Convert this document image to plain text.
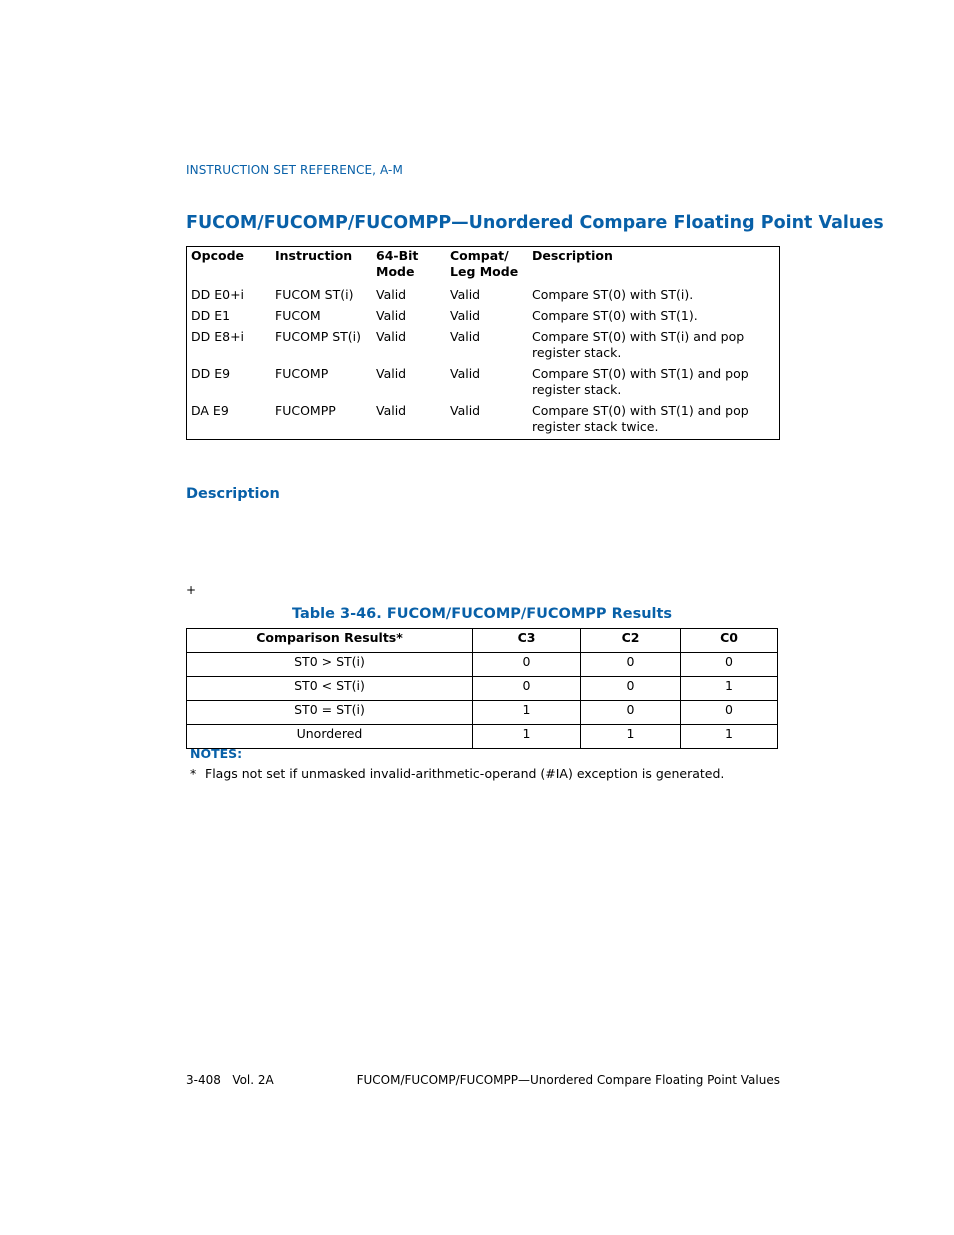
INSTRUCTION SET REFERENCE, A-M
FUCOM/FUCOMP/FUCOMPP—Unordered Compare Floating Point Values
Opcode	Instruction	64-Bit Mode	Compat/ Leg Mode	Description
DD E0+i	FUCOM ST(i)	Valid	Valid	Compare ST(0) with ST(i).
DD E1	FUCOM	Valid	Valid	Compare ST(0) with ST(1).
DD E8+i	FUCOMP ST(i)	Valid	Valid	Compare ST(0) with ST(i) and pop register stack.
DD E9	FUCOMP	Valid	Valid	Compare ST(0) with ST(1) and pop register stack.
DA E9	FUCOMPP	Valid	Valid	Compare ST(0) with ST(1) and pop register stack twice.
Description
+
Table 3-46. FUCOM/FUCOMP/FUCOMPP Results
Comparison Results*	C3	C2	C0
ST0 > ST(i)	0	0	0
ST0 < ST(i)	0	0	1
ST0 = ST(i)	1	0	0
Unordered	1	1	1
NOTES:
* Flags not set if unmasked invalid-arithmetic-operand (#IA) exception is generated.
3-408   Vol. 2A	FUCOM/FUCOMP/FUCOMPP—Unordered Compare Floating Point Values
